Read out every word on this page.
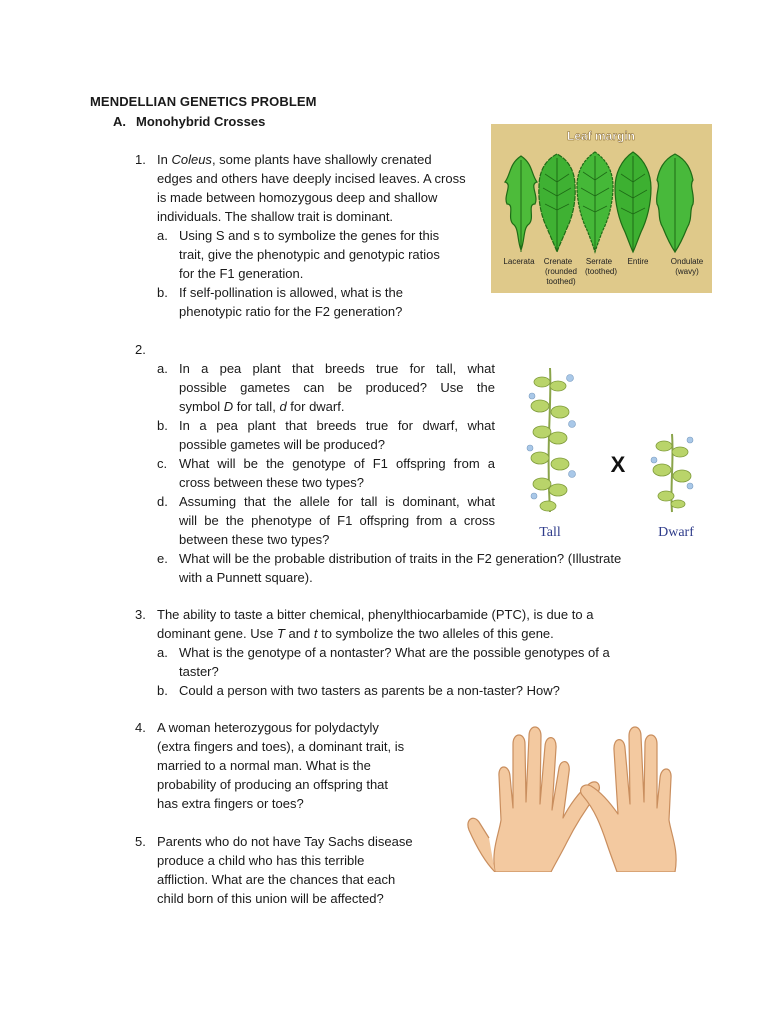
MENDELLIAN GENETICS PROBLEM
A. Monohybrid Crosses
1. In Coleus, some plants have shallowly crenated
edges and others have deeply incised leaves. A cross
is made between homozygous deep and shallow
individuals. The shallow trait is dominant.
a. Using S and s to symbolize the genes for this
trait, give the phenotypic and genotypic ratios
for the F1 generation.
b. If self-pollination is allowed, what is the
phenotypic ratio for the F2 generation?
Leaf margin
Lacerata Crenate Serrate Entire	Ondulate
(rounded (toothed)	(wavy)
toothed)
2.
a. In a pea plant that breeds true for tall, what
possible gametes can be produced? Use the
symbol D for tall, d for dwarf.
b. In a pea plant that breeds true for dwarf, what
possible gametes will be produced?
c. What will be the genotype of F1 offspring from a
cross between these two types?
d. Assuming that the allele for tall is dominant, what
will be the phenotype of F1 offspring from a cross
between these two types?
e. What will be the probable distribution of traits in the F2 generation? (Illustrate
with a Punnett square).
X
Tall	Dwarf
3. The ability to taste a bitter chemical, phenylthiocarbamide (PTC), is due to a
dominant gene. Use T and t to symbolize the two alleles of this gene.
a. What is the genotype of a nontaster? What are the possible genotypes of a
taster?
b. Could a person with two tasters as parents be a non-taster? How?
4. A woman heterozygous for polydactyly
(extra fingers and toes), a dominant trait, is
married to a normal man. What is the
probability of producing an offspring that
has extra fingers or toes?
5. Parents who do not have Tay Sachs disease
produce a child who has this terrible
affliction. What are the chances that each
child born of this union will be affected?
